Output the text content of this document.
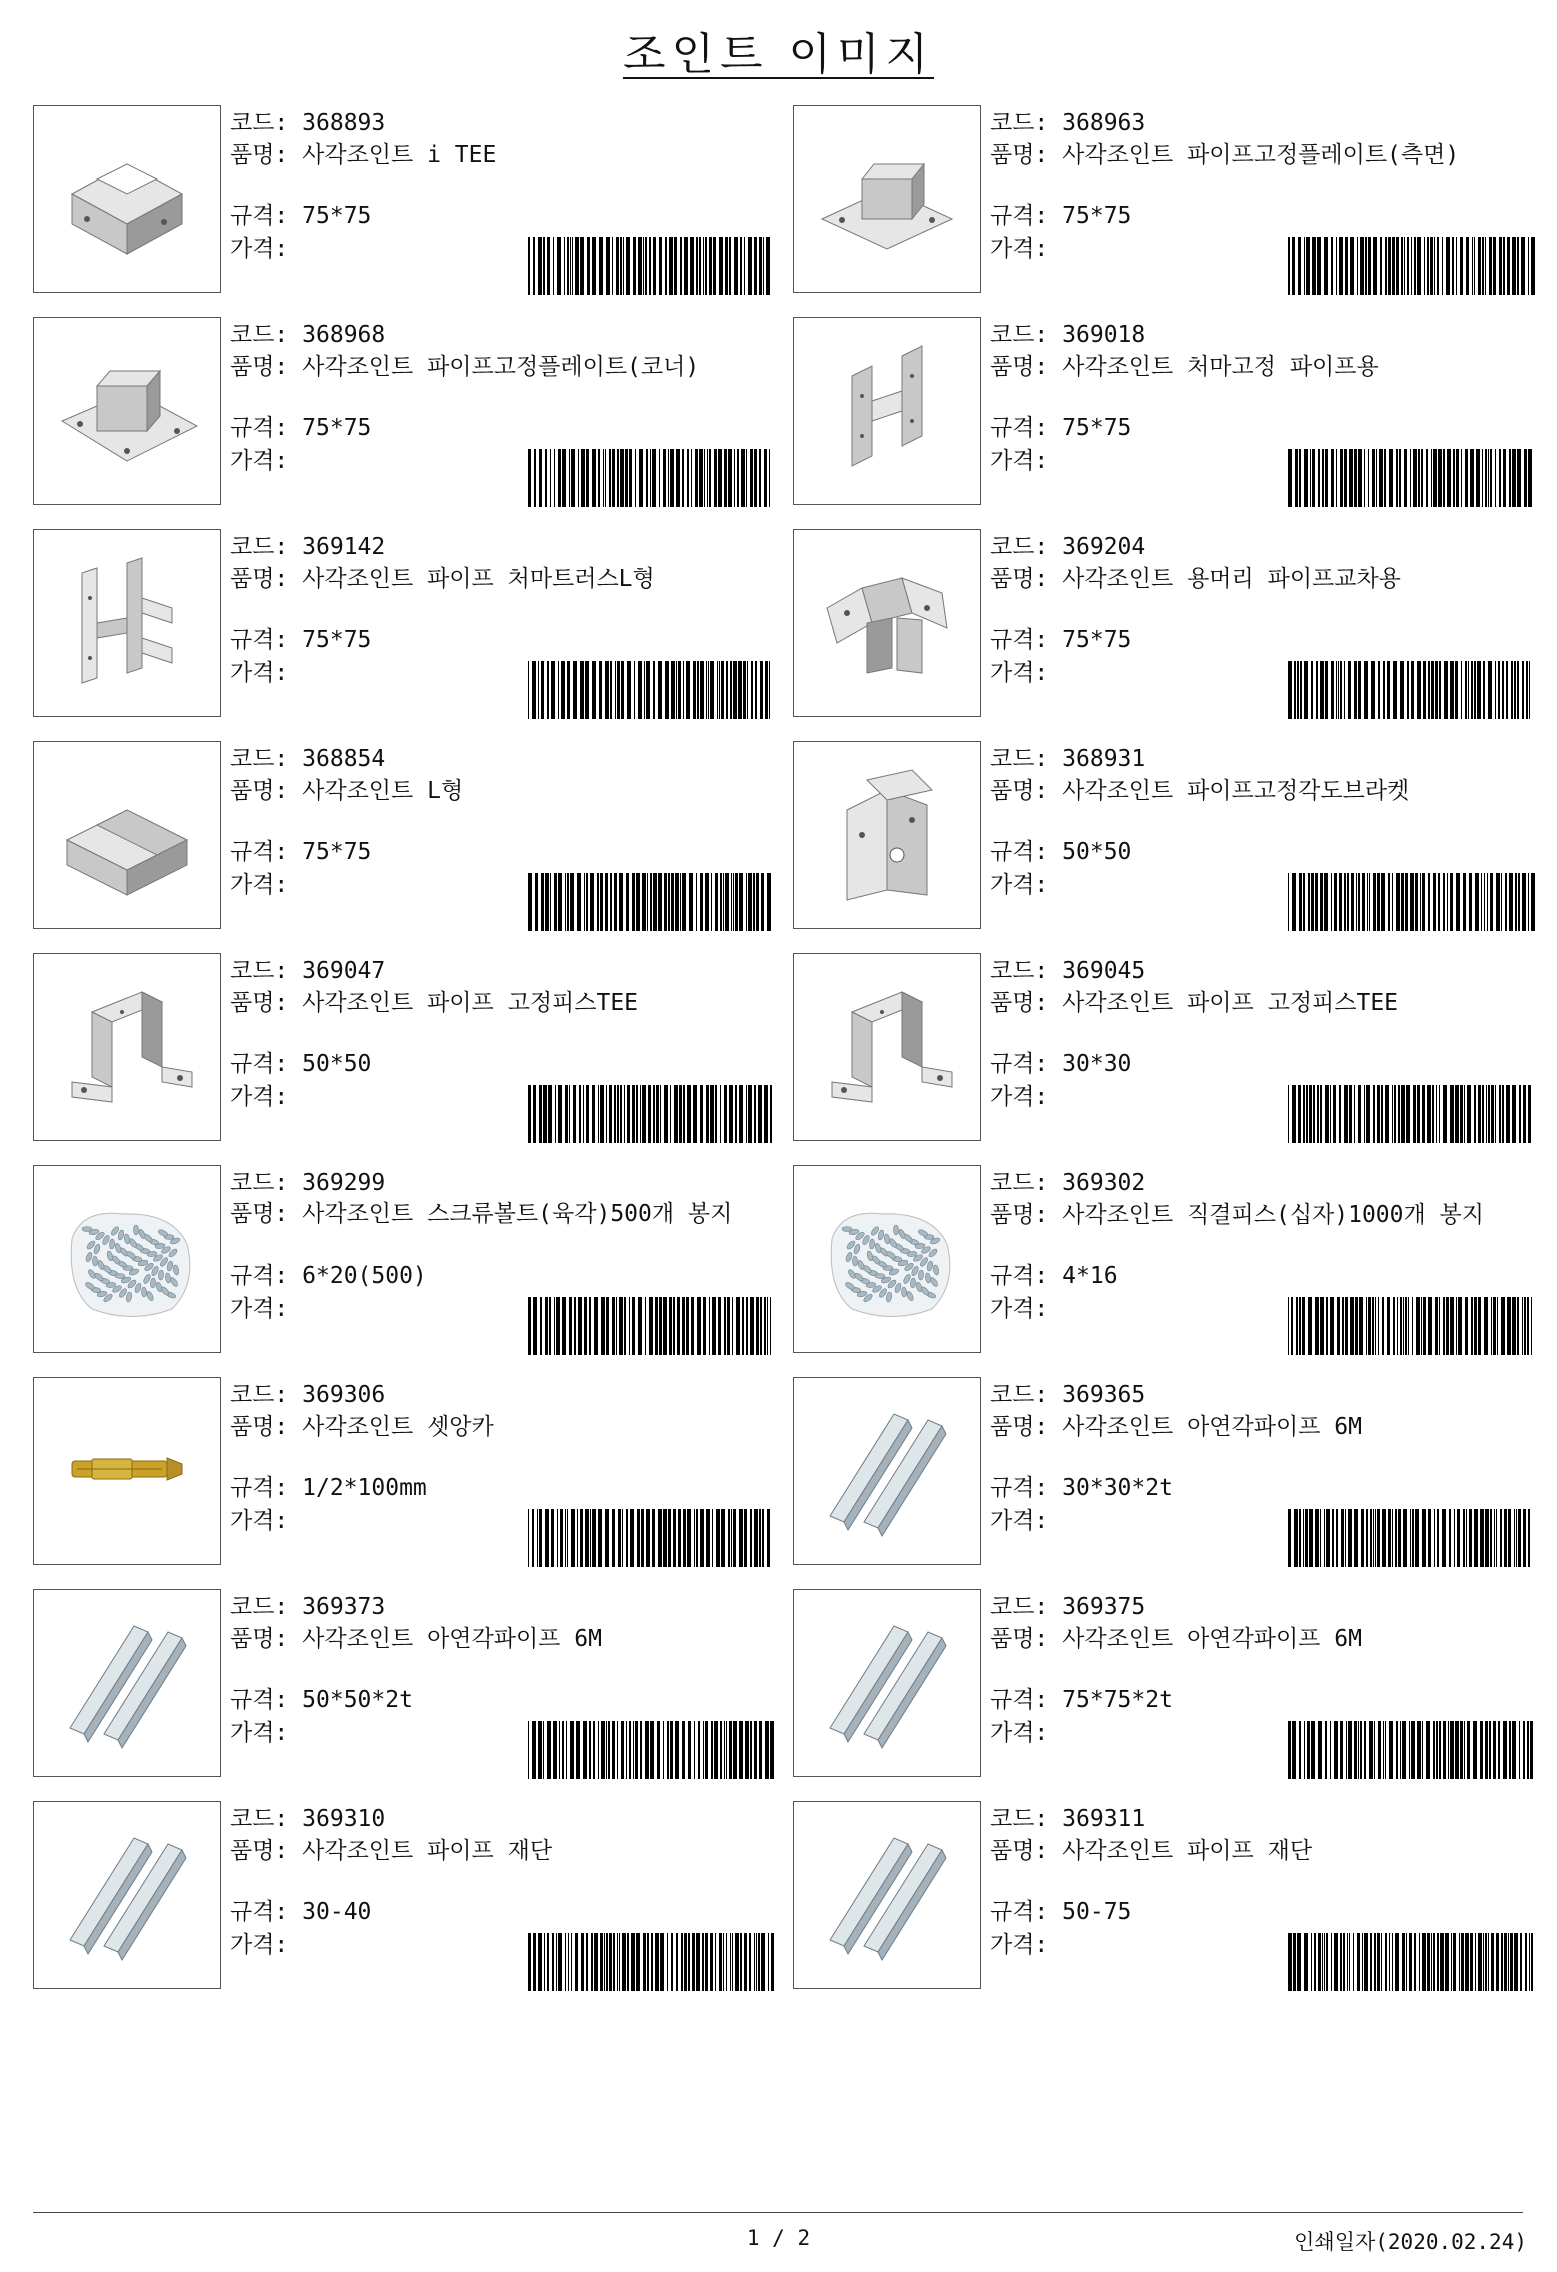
조인트 이미지
코드: 368893
품명: 사각조인트 i TEE
규격: 75*75
가격:
코드: 368963
품명: 사각조인트 파이프고정플레이트(측면)
규격: 75*75
가격:
코드: 368968
품명: 사각조인트 파이프고정플레이트(코너)
규격: 75*75
가격:
코드: 369018
품명: 사각조인트 처마고정 파이프용
규격: 75*75
가격:
코드: 369142
품명: 사각조인트 파이프 처마트러스L형
규격: 75*75
가격:
코드: 369204
품명: 사각조인트 용머리 파이프교차용
규격: 75*75
가격:
코드: 368854
품명: 사각조인트 L형
규격: 75*75
가격:
코드: 368931
품명: 사각조인트 파이프고정각도브라켓
규격: 50*50
가격:
코드: 369047
품명: 사각조인트 파이프 고정피스TEE
규격: 50*50
가격:
코드: 369045
품명: 사각조인트 파이프 고정피스TEE
규격: 30*30
가격:
코드: 369299
품명: 사각조인트 스크류볼트(육각)500개 봉지
규격: 6*20(500)
가격:
코드: 369302
품명: 사각조인트 직결피스(십자)1000개 봉지
규격: 4*16
가격:
코드: 369306
품명: 사각조인트 셋앙카
규격: 1/2*100mm
가격:
코드: 369365
품명: 사각조인트 아연각파이프 6M
규격: 30*30*2t
가격:
코드: 369373
품명: 사각조인트 아연각파이프 6M
규격: 50*50*2t
가격:
코드: 369375
품명: 사각조인트 아연각파이프 6M
규격: 75*75*2t
가격:
코드: 369310
품명: 사각조인트 파이프 재단
규격: 30-40
가격:
코드: 369311
품명: 사각조인트 파이프 재단
규격: 50-75
가격:
1 / 2	인쇄일자(2020.02.24)
